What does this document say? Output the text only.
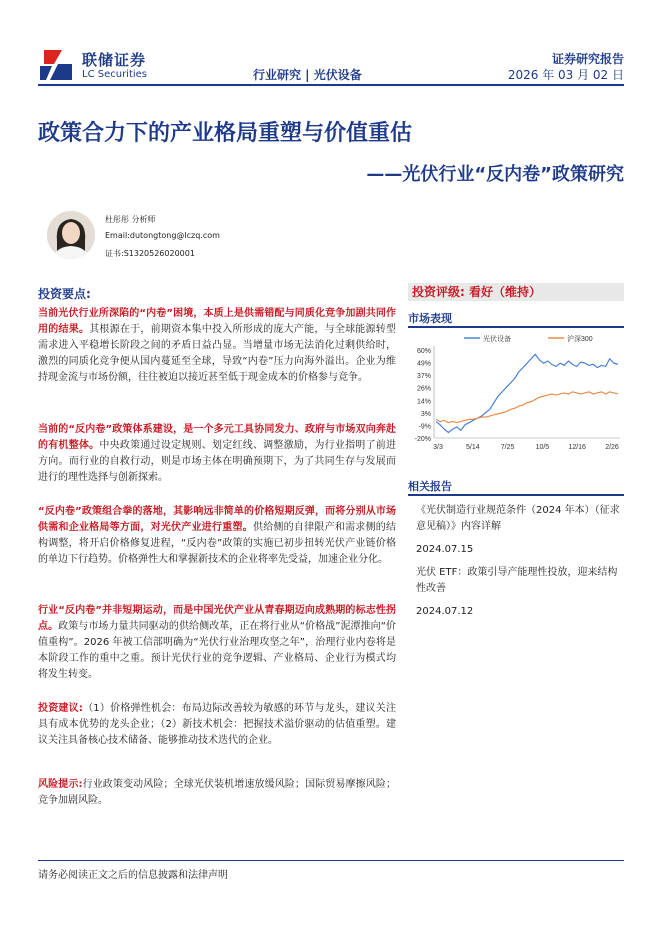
联储证券
LC Securities	行业研究 | 光伏设备
证券研究报告
2026 年 03 月 02 日
政策合力下的产业格局重塑与价值重估
——光伏行业“反内卷”政策研究
杜彤彤 分析师
Email:dutongtong@lczq.com
证书:S1320526020001
投资要点:
当前光伏行业所深陷的“内卷”困境，本质上是供需错配与同质化竞争加剧共同作用的结果。其根源在于，前期资本集中投入所形成的庞大产能，与全球能源转型需求进入平稳增长阶段之间的矛盾日益凸显。当增量市场无法消化过剩供给时，激烈的同质化竞争便从国内蔓延至全球，导致“内卷”压力向海外溢出。企业为维持现金流与市场份额，往往被迫以接近甚至低于现金成本的价格参与竞争。
当前的“反内卷”政策体系建设，是一个多元工具协同发力、政府与市场双向奔赴的有机整体。中央政策通过设定规则、划定红线、调整激励，为行业指明了前进方向。而行业的自救行动，则是市场主体在明确预期下，为了共同生存与发展而进行的理性选择与创新探索。
“反内卷”政策组合拳的落地，其影响远非简单的价格短期反弹，而将分别从市场供需和企业格局等方面，对光伏产业进行重塑。供给侧的自律限产和需求侧的结构调整，将开启价格修复进程，“反内卷”政策的实施已初步扭转光伏产业链价格的单边下行趋势。价格弹性大和掌握新技术的企业将率先受益，加速企业分化。
行业“反内卷”并非短期运动，而是中国光伏产业从青春期迈向成熟期的标志性拐点。政策与市场力量共同驱动的供给侧改革，正在将行业从“价格战”泥潭推向“价值重构”。2026 年被工信部明确为“光伏行业治理攻坚之年”，治理行业内卷将是本阶段工作的重中之重。预计光伏行业的竞争逻辑、产业格局、企业行为模式均将发生转变。
投资建议:（1）价格弹性机会：布局边际改善较为敏感的环节与龙头，建议关注具有成本优势的龙头企业；（2）新技术机会：把握技术溢价驱动的估值重塑。建议关注具备核心技术储备、能够推动技术迭代的企业。
风险提示:行业政策变动风险；全球光伏装机增速放缓风险；国际贸易摩擦风险；竞争加剧风险。
投资评级: 看好（维持）
市场表现
60%
49%
37%
26%
14%
3%
-9%
-20%
3/3	5/14	7/25	10/5	12/16	2/26
光伏设备	沪深300
相关报告
《光伏制造行业规范条件（2024 年本）（征求意见稿）》内容详解
2024.07.15
光伏 ETF：政策引导产能理性投放，迎来结构性改善
2024.07.12
请务必阅读正文之后的信息披露和法律声明
